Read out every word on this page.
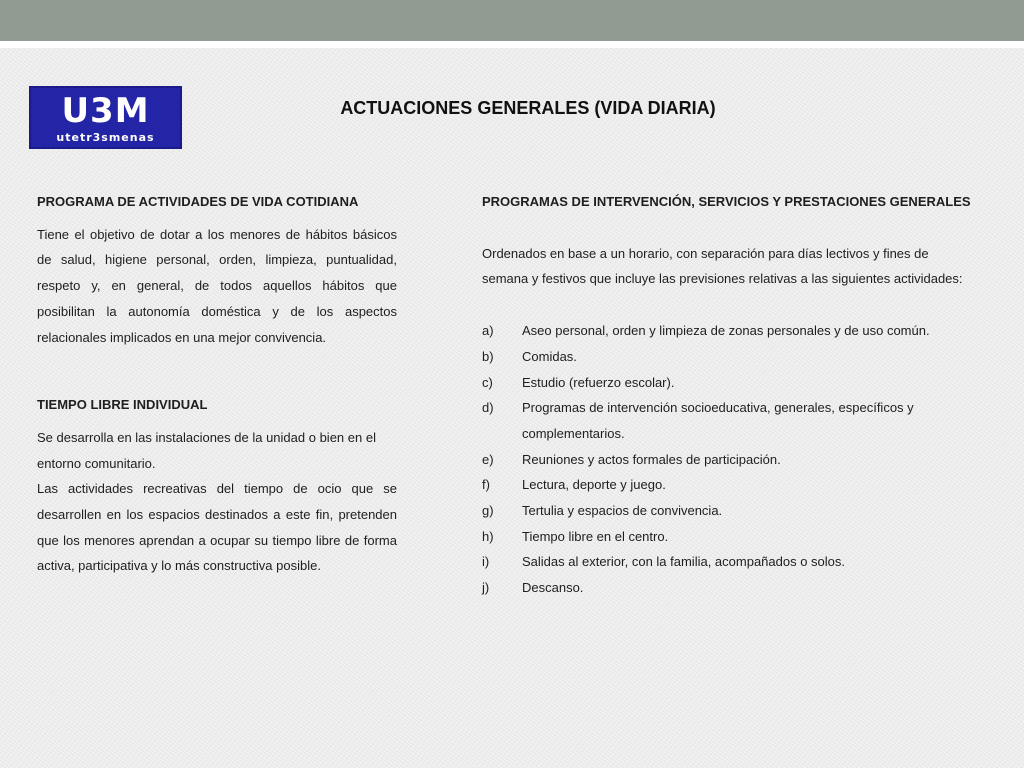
U3M
utetr3smenas
ACTUACIONES GENERALES (VIDA DIARIA)

PROGRAMA DE ACTIVIDADES DE VIDA COTIDIANA

Tiene el objetivo de dotar a los menores de hábitos básicos de salud, higiene personal, orden, limpieza, puntualidad, respeto y, en general, de todos aquellos hábitos que posibilitan la autonomía doméstica y de los aspectos relacionales implicados en una mejor convivencia.

TIEMPO LIBRE INDIVIDUAL

Se desarrolla en las instalaciones de la unidad o bien en el entorno comunitario.

Las actividades recreativas del tiempo de ocio que se desarrollen en los espacios destinados a este fin, pretenden que los menores aprendan a ocupar su tiempo libre de forma activa, participativa y lo más constructiva posible.

PROGRAMAS DE INTERVENCIÓN, SERVICIOS Y PRESTACIONES GENERALES

Ordenados en base a un horario, con separación para días lectivos y fines de semana y festivos que incluye las previsiones relativas a las siguientes actividades:

a) Aseo personal, orden y limpieza de zonas personales y de uso común.
b) Comidas.
c) Estudio (refuerzo escolar).
d) Programas de intervención socioeducativa, generales, específicos y complementarios.
e) Reuniones y actos formales de participación.
f) Lectura, deporte y juego.
g) Tertulia y espacios de convivencia.
h) Tiempo libre en el centro.
i)	Salidas al exterior, con la familia, acompañados o solos.
j)	Descanso.
